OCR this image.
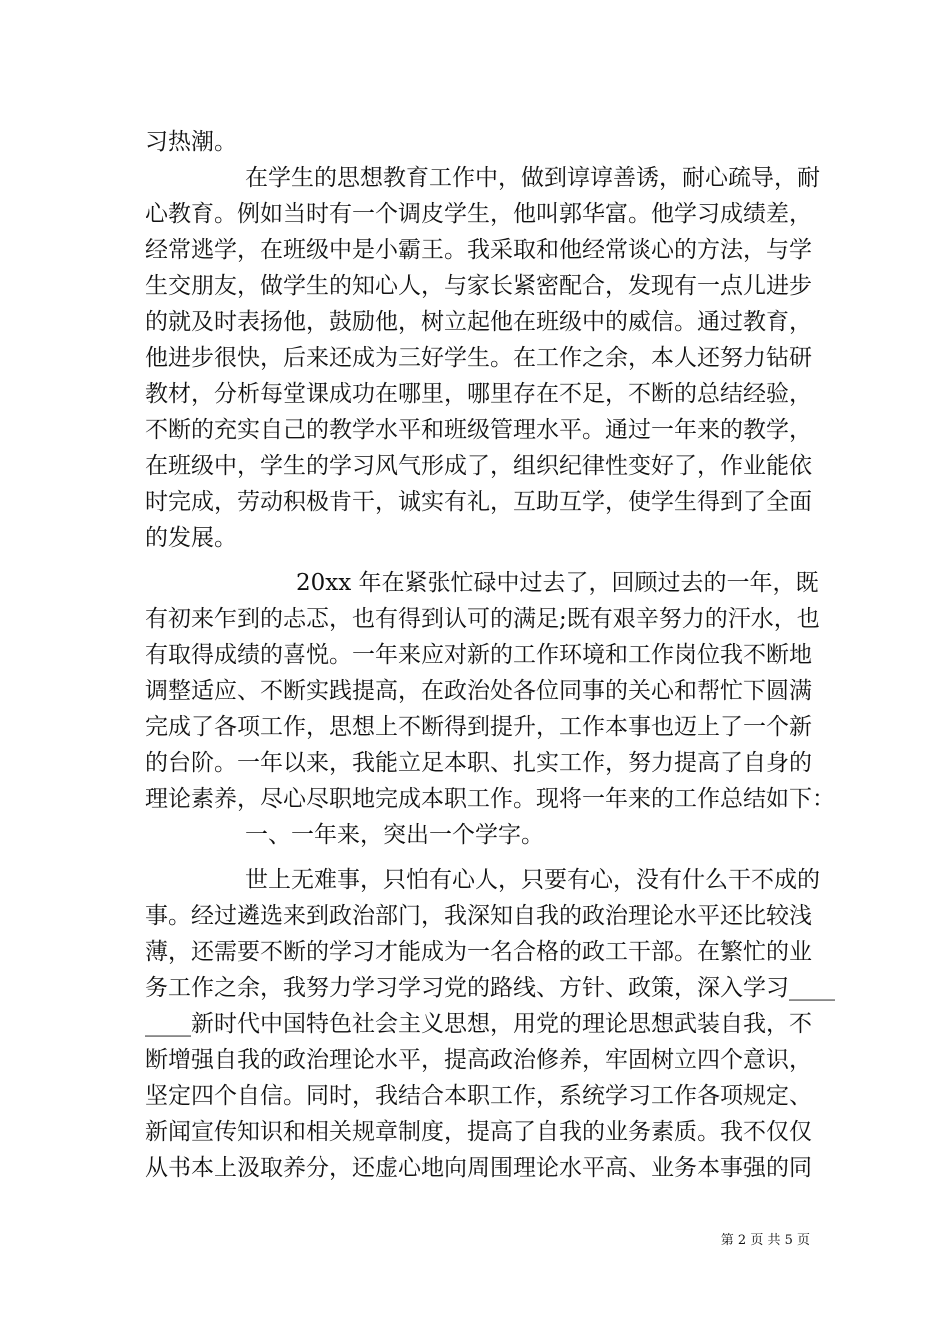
习热潮。
在学生的思想教育工作中，做到谆谆善诱，耐心疏导，耐
心教育。例如当时有一个调皮学生，他叫郭华富。他学习成绩差，
经常逃学，在班级中是小霸王。我采取和他经常谈心的方法，与学
生交朋友，做学生的知心人，与家长紧密配合，发现有一点儿进步
的就及时表扬他，鼓励他，树立起他在班级中的威信。通过教育，
他进步很快，后来还成为三好学生。在工作之余，本人还努力钻研
教材，分析每堂课成功在哪里，哪里存在不足，不断的总结经验，
不断的充实自己的教学水平和班级管理水平。通过一年来的教学，
在班级中，学生的学习风气形成了，组织纪律性变好了，作业能依
时完成，劳动积极肯干，诚实有礼，互助互学，使学生得到了全面
的发展。
20xx 年在紧张忙碌中过去了，回顾过去的一年，既
有初来乍到的忐忑，也有得到认可的满足;既有艰辛努力的汗水，也
有取得成绩的喜悦。一年来应对新的工作环境和工作岗位我不断地
调整适应、不断实践提高，在政治处各位同事的关心和帮忙下圆满
完成了各项工作，思想上不断得到提升，工作本事也迈上了一个新
的台阶。一年以来，我能立足本职、扎实工作，努力提高了自身的
理论素养，尽心尽职地完成本职工作。现将一年来的工作总结如下：
一、一年来，突出一个学字。
世上无难事，只怕有心人，只要有心，没有什么干不成的
事。经过遴选来到政治部门，我深知自我的政治理论水平还比较浅
薄，还需要不断的学习才能成为一名合格的政工干部。在繁忙的业
务工作之余，我努力学习学习党的路线、方针、政策，深入学习____
____新时代中国特色社会主义思想，用党的理论思想武装自我，不
断增强自我的政治理论水平，提高政治修养，牢固树立四个意识，
坚定四个自信。同时，我结合本职工作，系统学习工作各项规定、
新闻宣传知识和相关规章制度，提高了自我的业务素质。我不仅仅
从书本上汲取养分，还虚心地向周围理论水平高、业务本事强的同
第 2 页 共 5 页
